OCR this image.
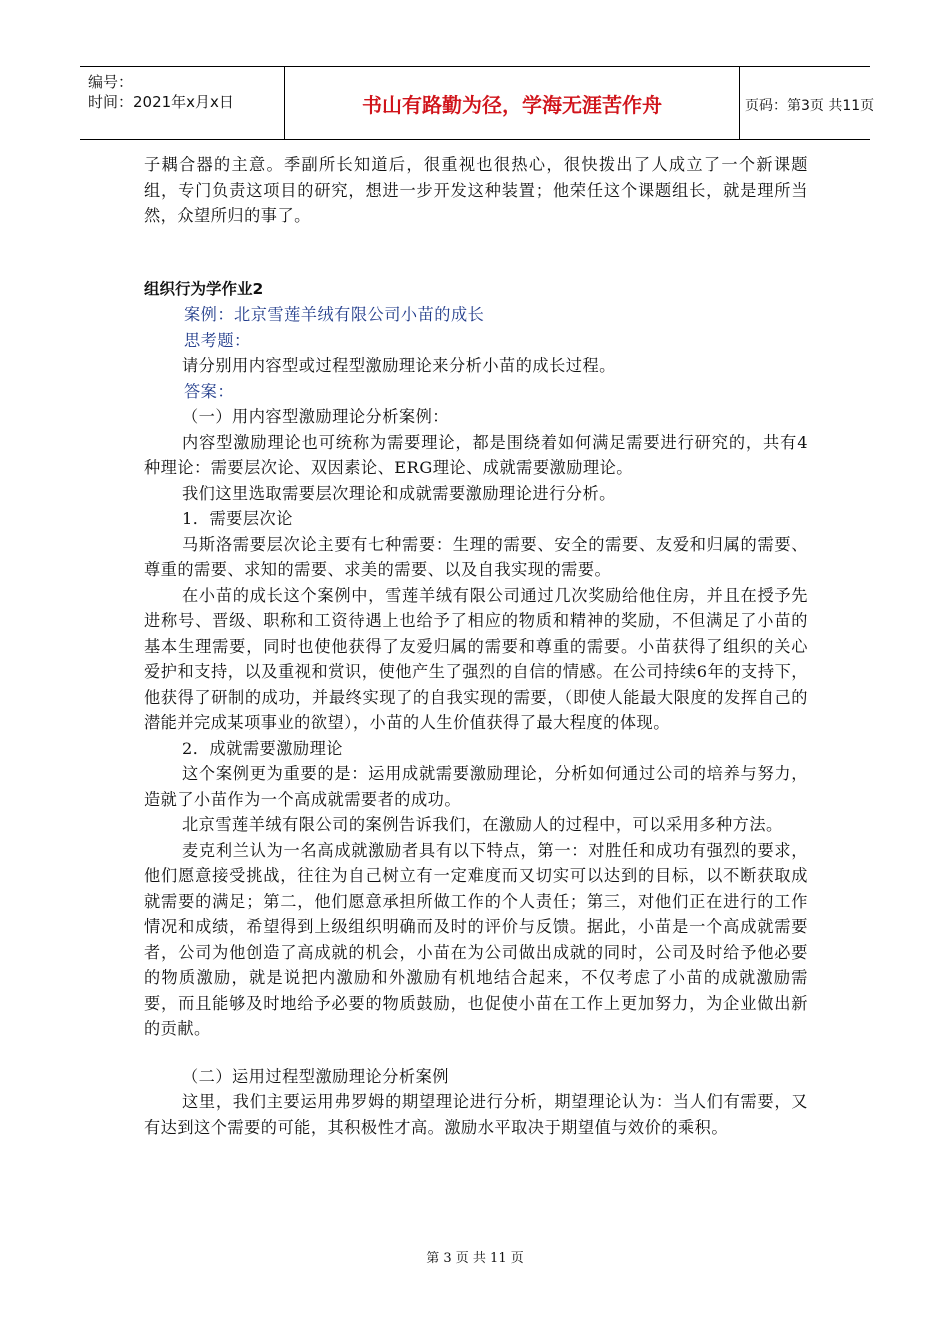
编号：
时间：2021年x月x日	书山有路勤为径，学海无涯苦作舟	页码：第3页 共11页

子耦合器的主意。季副所长知道后，很重视也很热心，很快拨出了人成立了一个新课题组，专门负责这项目的研究，想进一步开发这种装置；他荣任这个课题组长，就是理所当然，众望所归的事了。

组织行为学作业2

案例：北京雪莲羊绒有限公司小苗的成长

思考题：

请分别用内容型或过程型激励理论来分析小苗的成长过程。

答案：

（一）用内容型激励理论分析案例：

内容型激励理论也可统称为需要理论，都是围绕着如何满足需要进行研究的，共有4种理论：需要层次论、双因素论、ERG理论、成就需要激励理论。

我们这里选取需要层次理论和成就需要激励理论进行分析。

1．需要层次论

马斯洛需要层次论主要有七种需要：生理的需要、安全的需要、友爱和归属的需要、尊重的需要、求知的需要、求美的需要、以及自我实现的需要。

在小苗的成长这个案例中，雪莲羊绒有限公司通过几次奖励给他住房，并且在授予先进称号、晋级、职称和工资待遇上也给予了相应的物质和精神的奖励，不但满足了小苗的基本生理需要，同时也使他获得了友爱归属的需要和尊重的需要。小苗获得了组织的关心爱护和支持，以及重视和赏识，使他产生了强烈的自信的情感。在公司持续6年的支持下，他获得了研制的成功，并最终实现了的自我实现的需要，（即使人能最大限度的发挥自己的潜能并完成某项事业的欲望），小苗的人生价值获得了最大程度的体现。

2．成就需要激励理论

这个案例更为重要的是：运用成就需要激励理论，分析如何通过公司的培养与努力，造就了小苗作为一个高成就需要者的成功。

北京雪莲羊绒有限公司的案例告诉我们，在激励人的过程中，可以采用多种方法。

麦克利兰认为一名高成就激励者具有以下特点，第一：对胜任和成功有强烈的要求，他们愿意接受挑战，往往为自己树立有一定难度而又切实可以达到的目标，以不断获取成就需要的满足；第二，他们愿意承担所做工作的个人责任；第三，对他们正在进行的工作情况和成绩，希望得到上级组织明确而及时的评价与反馈。据此，小苗是一个高成就需要者，公司为他创造了高成就的机会，小苗在为公司做出成就的同时，公司及时给予他必要的物质激励，就是说把内激励和外激励有机地结合起来，不仅考虑了小苗的成就激励需要，而且能够及时地给予必要的物质鼓励，也促使小苗在工作上更加努力，为企业做出新的贡献。

（二）运用过程型激励理论分析案例

这里，我们主要运用弗罗姆的期望理论进行分析，期望理论认为：当人们有需要，又有达到这个需要的可能，其积极性才高。激励水平取决于期望值与效价的乘积。

第 3 页 共 11 页
